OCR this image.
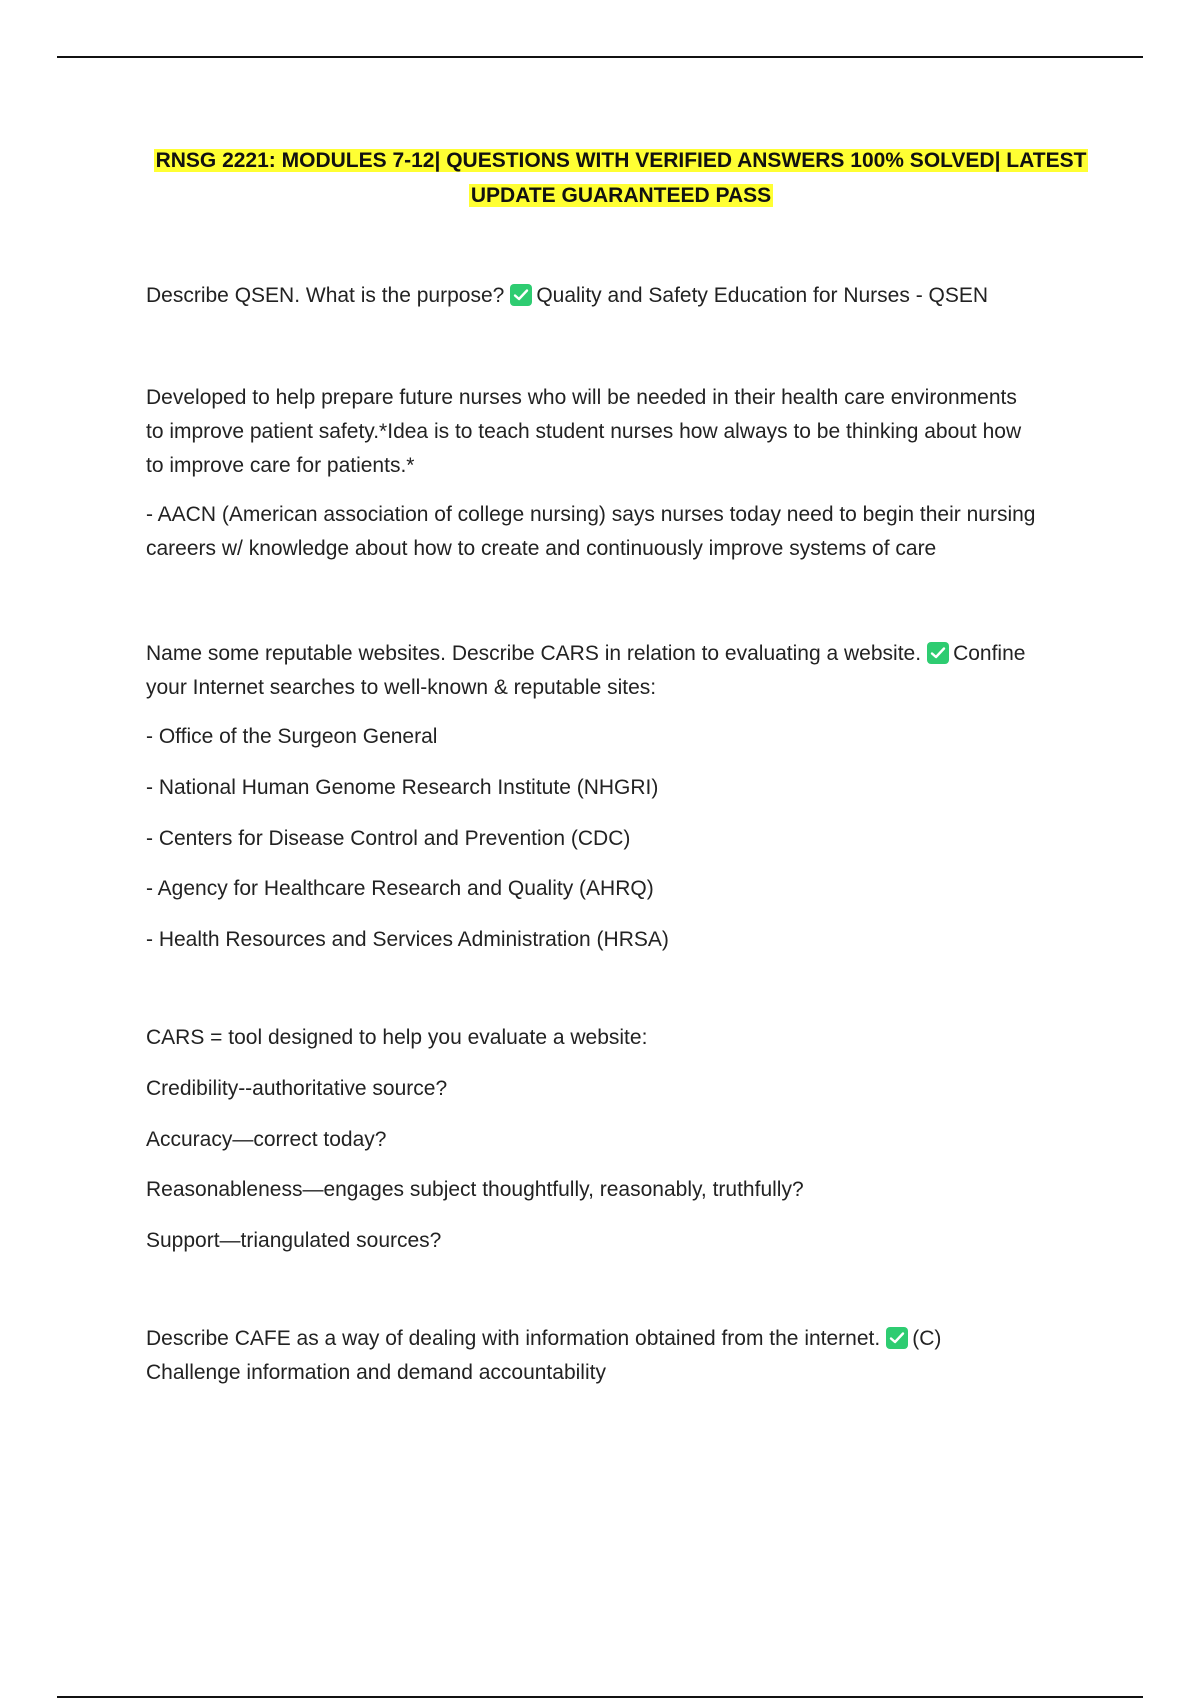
RNSG 2221: MODULES 7-12| QUESTIONS WITH VERIFIED ANSWERS 100% SOLVED| LATEST
UPDATE GUARANTEED PASS

Describe QSEN. What is the purpose? Quality and Safety Education for Nurses - QSEN

Developed to help prepare future nurses who will be needed in their health care environments
to improve patient safety.*Idea is to teach student nurses how always to be thinking about how
to improve care for patients.*

- AACN (American association of college nursing) says nurses today need to begin their nursing
careers w/ knowledge about how to create and continuously improve systems of care

Name some reputable websites. Describe CARS in relation to evaluating a website. Confine
your Internet searches to well-known & reputable sites:

- Office of the Surgeon General

- National Human Genome Research Institute (NHGRI)

- Centers for Disease Control and Prevention (CDC)

- Agency for Healthcare Research and Quality (AHRQ)

- Health Resources and Services Administration (HRSA)

CARS = tool designed to help you evaluate a website:

Credibility--authoritative source?

Accuracy—correct today?

Reasonableness—engages subject thoughtfully, reasonably, truthfully?

Support—triangulated sources?

Describe CAFE as a way of dealing with information obtained from the internet. (C)
Challenge information and demand accountability
